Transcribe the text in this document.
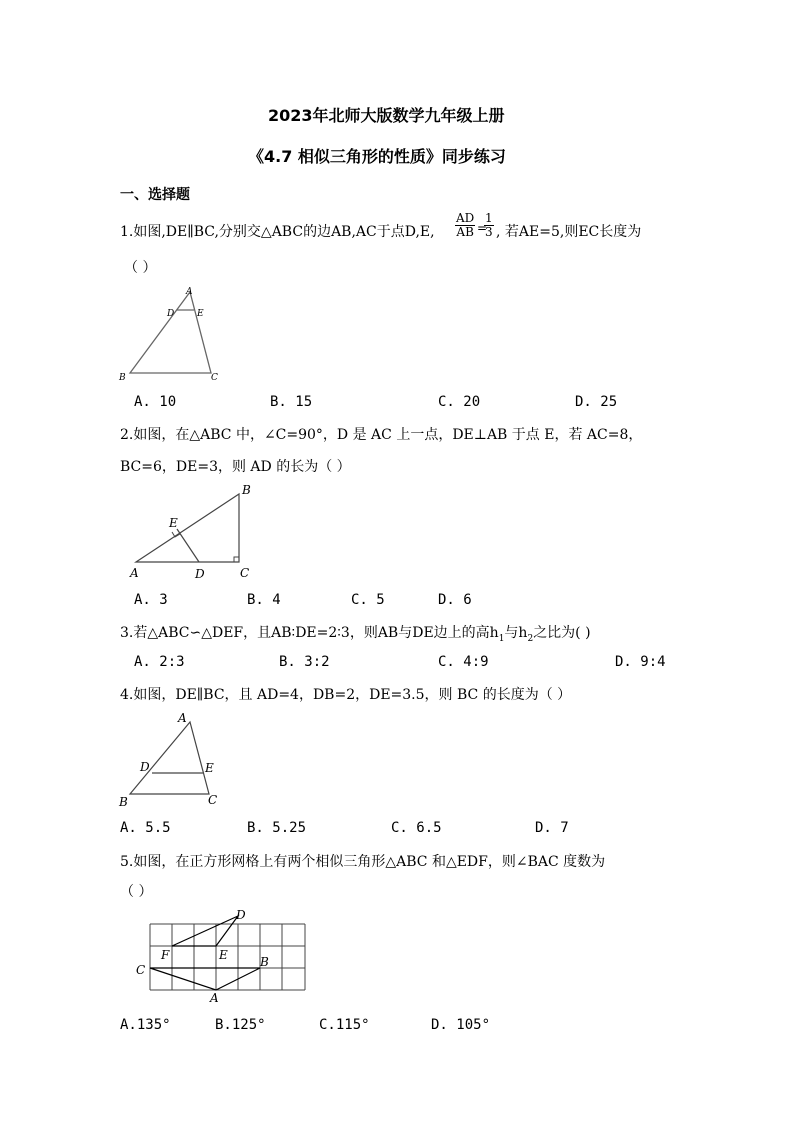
2023年北师大版数学九年级上册
《4.7 相似三角形的性质》同步练习
一、选择题
1.如图,DE∥BC,分别交△ABC的边AB,AC于点D,E, $\frac{AD}{AB}$ =
$\frac{1}{3}$ , 若AE=5,则EC长度为
（ ）
A
D	E
B	C
A. 10	B. 15	C. 20	D. 25
2.如图，在△ABC 中，∠C=90°，D 是 AC 上一点，DE⊥AB 于点 E，若 AC=8，
BC=6，DE=3，则 AD 的长为（ ）
B
E
A	D	C
A. 3	B. 4	C. 5	D. 6
3.若△ABC∽△DEF，且AB∶DE=2∶3，则AB与DE边上的高$h_1$与$h_2$之比为( )
A. 2:3	B. 3:2	C. 4:9	D. 9:4
4.如图，DE∥BC，且 AD=4，DB=2，DE=3.5，则 BC 的长度为（ ）
A
D	E
B	C
A. 5.5	B. 5.25	C. 6.5	D. 7
5.如图，在正方形网格上有两个相似三角形△ABC 和△EDF，则∠BAC 度数为
（ ）
D
F	E	B
C
A
A.135°	B.125°	C.115°	D. 105°
